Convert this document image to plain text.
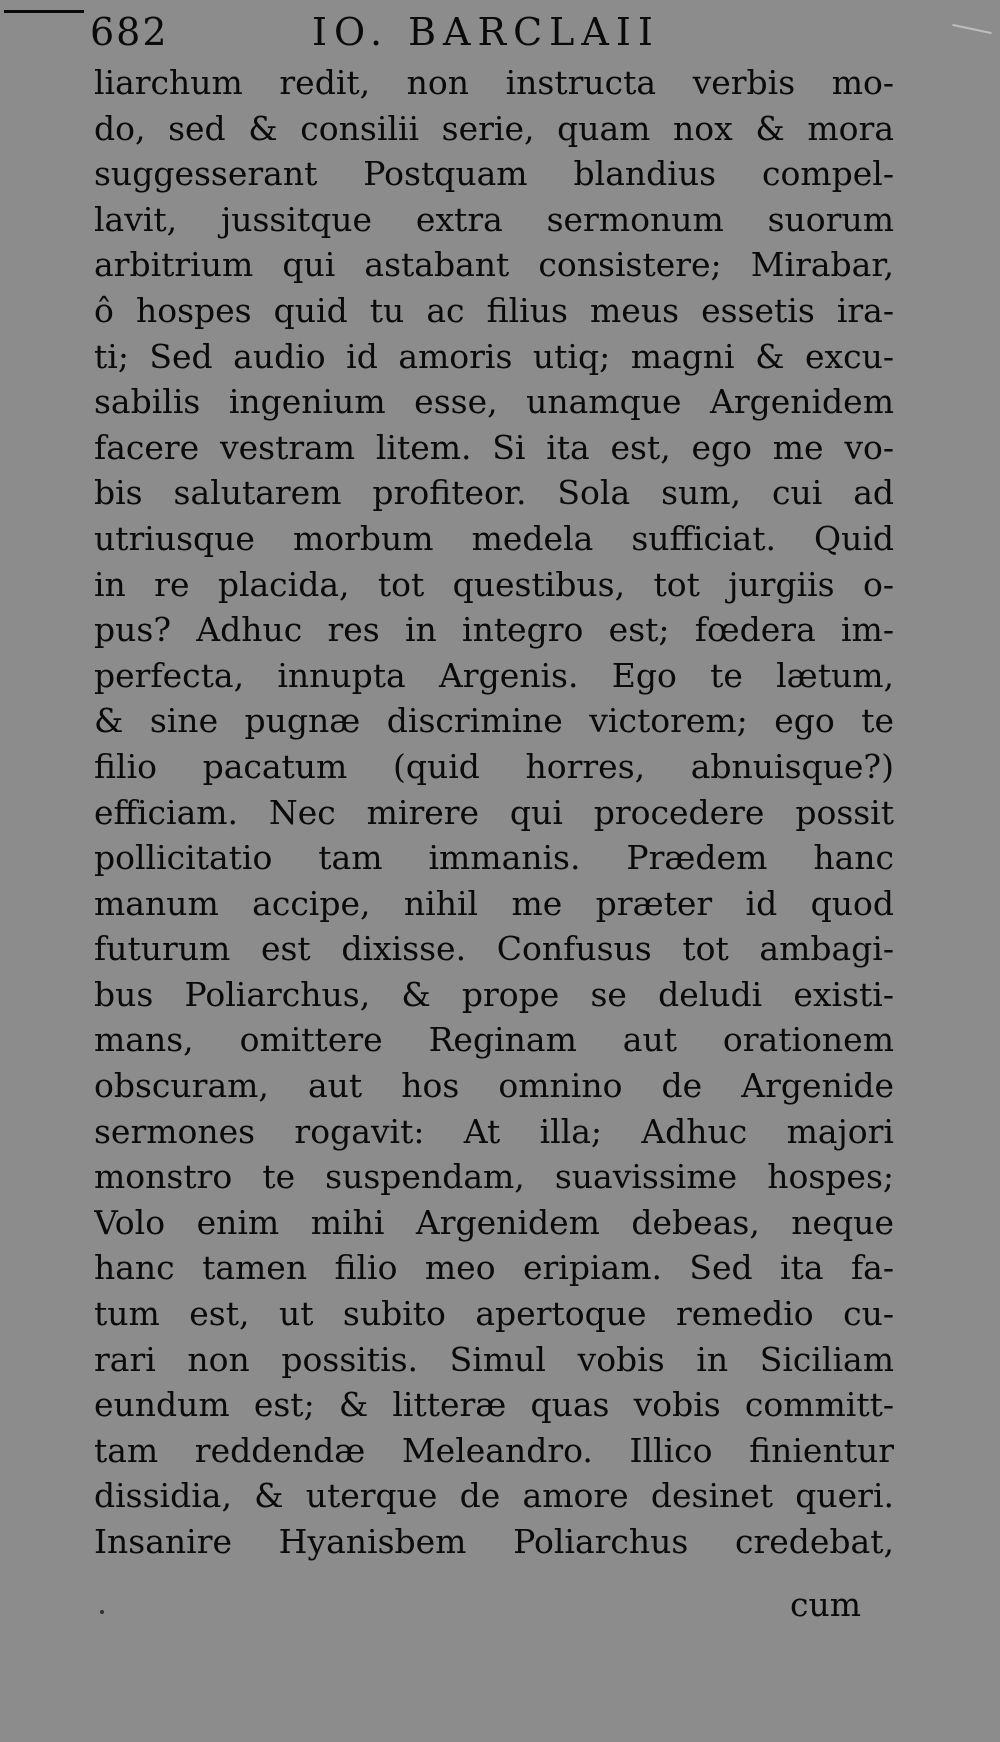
682	IO. BARCLAII
liarchum redit, non instructa verbis mo-
do, sed & consilii serie, quam nox & mora
suggesserant Postquam blandius compel-
lavit, jussitque extra sermonum suorum
arbitrium qui astabant consistere; Mirabar,
ô hospes quid tu ac filius meus essetis ira-
ti; Sed audio id amoris utiq; magni & excu-
sabilis ingenium esse, unamque Argenidem
facere vestram litem. Si ita est, ego me vo-
bis salutarem profiteor. Sola sum, cui ad
utriusque morbum medela sufficiat. Quid
in re placida, tot questibus, tot jurgiis o-
pus? Adhuc res in integro est; fœdera im-
perfecta, innupta Argenis. Ego te lætum,
& sine pugnæ discrimine victorem; ego te
filio pacatum (quid horres, abnuisque?)
efficiam. Nec mirere qui procedere possit
pollicitatio tam immanis. Prædem hanc
manum accipe, nihil me præter id quod
futurum est dixisse. Confusus tot ambagi-
bus Poliarchus, & prope se deludi existi-
mans, omittere Reginam aut orationem
obscuram, aut hos omnino de Argenide
sermones rogavit: At illa; Adhuc majori
monstro te suspendam, suavissime hospes;
Volo enim mihi Argenidem debeas, neque
hanc tamen filio meo eripiam. Sed ita fa-
tum est, ut subito apertoque remedio cu-
rari non possitis. Simul vobis in Siciliam
eundum est; & litteræ quas vobis committ-
tam reddendæ Meleandro. Illico finientur
dissidia, & uterque de amore desinet queri.
Insanire Hyanisbem Poliarchus credebat,
cum
